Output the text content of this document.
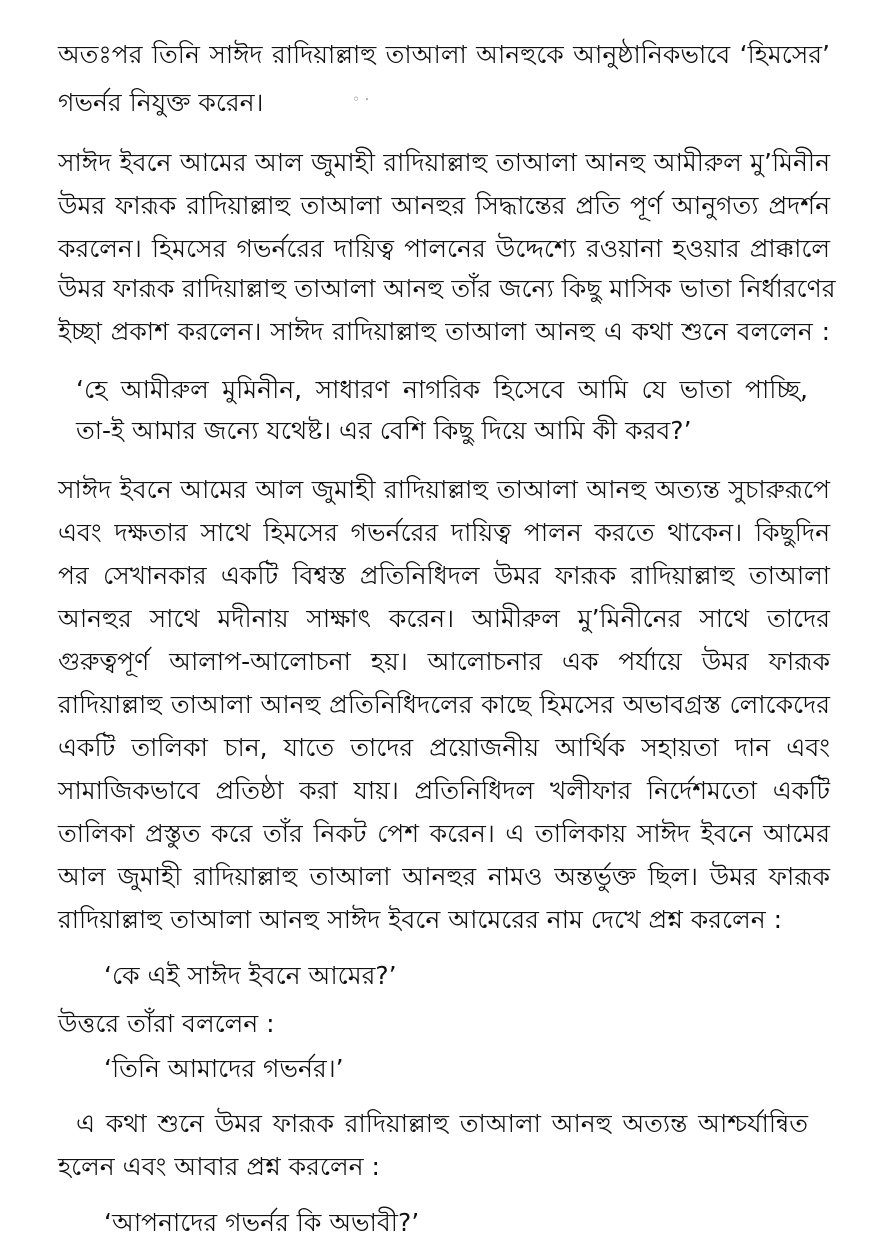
◦ ·
অতঃপর তিনি সাঈদ রাদিয়াল্লাহু তাআলা আনহুকে আনুষ্ঠানিকভাবে ‘হিমসের’
গভর্নর নিযুক্ত করেন।
সাঈদ ইবনে আমের আল জুমাহী রাদিয়াল্লাহু তাআলা আনহু আমীরুল মু’মিনীন
উমর ফারূক রাদিয়াল্লাহু তাআলা আনহুর সিদ্ধান্তের প্রতি পূর্ণ আনুগত্য প্রদর্শন
করলেন। হিমসের গভর্নরের দায়িত্ব পালনের উদ্দেশ্যে রওয়ানা হওয়ার প্রাক্কালে
উমর ফারূক রাদিয়াল্লাহু তাআলা আনহু তাঁর জন্যে কিছু মাসিক ভাতা নির্ধারণের
ইচ্ছা প্রকাশ করলেন। সাঈদ রাদিয়াল্লাহু তাআলা আনহু এ কথা শুনে বললেন :
‘হে আমীরুল মুমিনীন, সাধারণ নাগরিক হিসেবে আমি যে ভাতা পাচ্ছি,
তা-ই আমার জন্যে যথেষ্ট। এর বেশি কিছু দিয়ে আমি কী করব?’
সাঈদ ইবনে আমের আল জুমাহী রাদিয়াল্লাহু তাআলা আনহু অত্যন্ত সুচারুরূপে
এবং দক্ষতার সাথে হিমসের গভর্নরের দায়িত্ব পালন করতে থাকেন। কিছুদিন
পর সেখানকার একটি বিশ্বস্ত প্রতিনিধিদল উমর ফারূক রাদিয়াল্লাহু তাআলা
আনহুর সাথে মদীনায় সাক্ষাৎ করেন। আমীরুল মু’মিনীনের সাথে তাদের
গুরুত্বপূর্ণ আলাপ-আলোচনা হয়। আলোচনার এক পর্যায়ে উমর ফারূক
রাদিয়াল্লাহু তাআলা আনহু প্রতিনিধিদলের কাছে হিমসের অভাবগ্রস্ত লোকেদের
একটি তালিকা চান, যাতে তাদের প্রয়োজনীয় আর্থিক সহায়তা দান এবং
সামাজিকভাবে প্রতিষ্ঠা করা যায়। প্রতিনিধিদল খলীফার নির্দেশমতো একটি
তালিকা প্রস্তুত করে তাঁর নিকট পেশ করেন। এ তালিকায় সাঈদ ইবনে আমের
আল জুমাহী রাদিয়াল্লাহু তাআলা আনহুর নামও অন্তর্ভুক্ত ছিল। উমর ফারূক
রাদিয়াল্লাহু তাআলা আনহু সাঈদ ইবনে আমেরের নাম দেখে প্রশ্ন করলেন :
‘কে এই সাঈদ ইবনে আমের?’
উত্তরে তাঁরা বললেন :
‘তিনি আমাদের গভর্নর।’
এ কথা শুনে উমর ফারূক রাদিয়াল্লাহু তাআলা আনহু অত্যন্ত আশ্চর্যান্বিত
হলেন এবং আবার প্রশ্ন করলেন :
‘আপনাদের গভর্নর কি অভাবী?’
